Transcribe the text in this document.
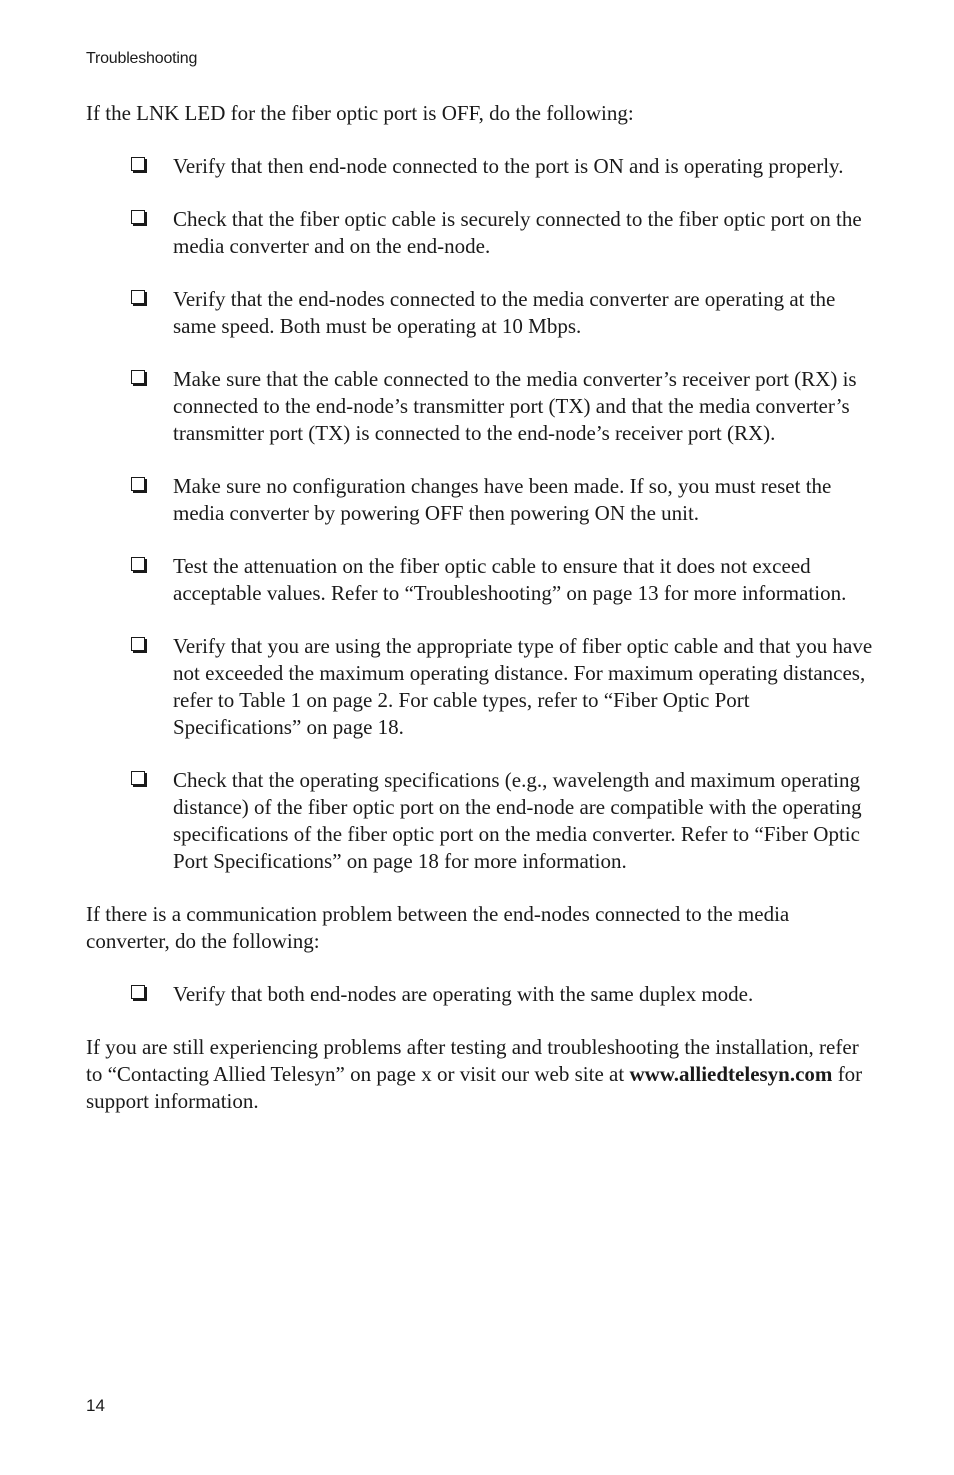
Troubleshooting

If the LNK LED for the fiber optic port is OFF, do the following:

Verify that then end-node connected to the port is ON and is operating properly.
Check that the fiber optic cable is securely connected to the fiber optic port on the media converter and on the end-node.
Verify that the end-nodes connected to the media converter are operating at the same speed. Both must be operating at 10 Mbps.
Make sure that the cable connected to the media converter’s receiver port (RX) is connected to the end-node’s transmitter port (TX) and that the media converter’s transmitter port (TX) is connected to the end-node’s receiver port (RX).
Make sure no configuration changes have been made. If so, you must reset the media converter by powering OFF then powering ON the unit.
Test the attenuation on the fiber optic cable to ensure that it does not exceed acceptable values. Refer to “Troubleshooting” on page 13 for more information.
Verify that you are using the appropriate type of fiber optic cable and that you have not exceeded the maximum operating distance. For maximum operating distances, refer to Table 1 on page 2. For cable types, refer to “Fiber Optic Port Specifications” on page 18.
Check that the operating specifications (e.g., wavelength and maximum operating distance) of the fiber optic port on the end-node are compatible with the operating specifications of the fiber optic port on the media converter. Refer to “Fiber Optic Port Specifications” on page 18 for more information.

If there is a communication problem between the end-nodes connected to the media converter, do the following:

Verify that both end-nodes are operating with the same duplex mode.

If you are still experiencing problems after testing and troubleshooting the installation, refer to “Contacting Allied Telesyn” on page x or visit our web site at www.alliedtelesyn.com for support information.

14
